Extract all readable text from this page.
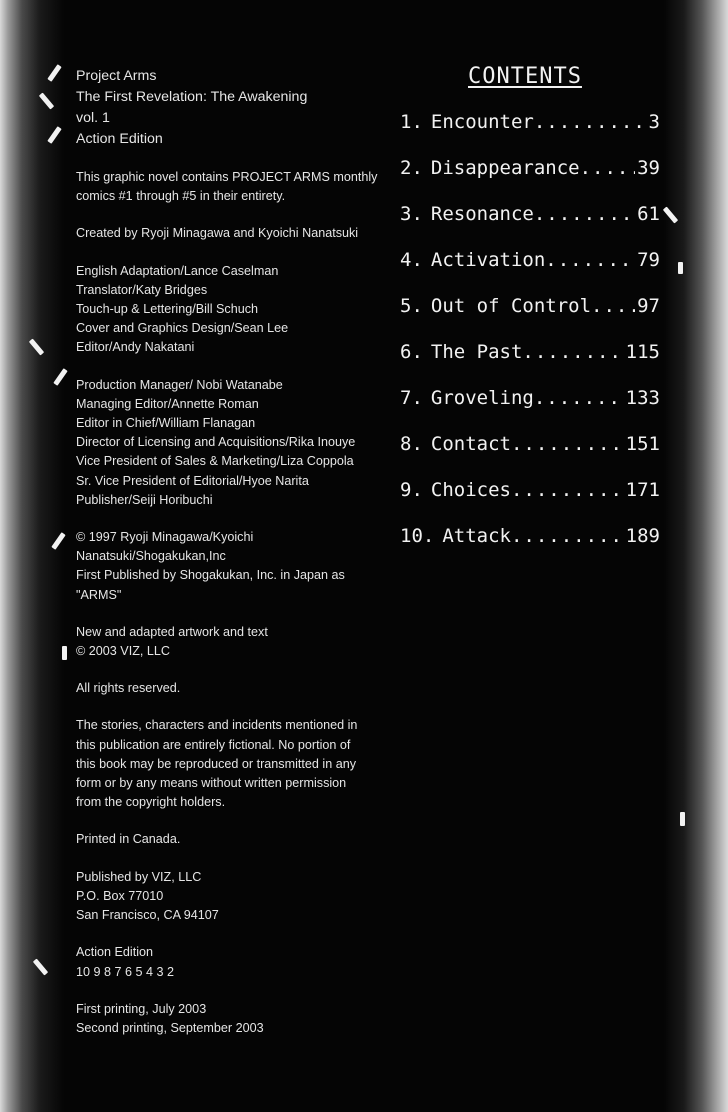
Project Arms
The First Revelation: The Awakening
vol. 1
Action Edition
This graphic novel contains PROJECT ARMS monthly
comics #1 through #5 in their entirety.
Created by Ryoji Minagawa and Kyoichi Nanatsuki
English Adaptation/Lance Caselman
Translator/Katy Bridges
Touch-up & Lettering/Bill Schuch
Cover and Graphics Design/Sean Lee
Editor/Andy Nakatani
Production Manager/ Nobi Watanabe
Managing Editor/Annette Roman
Editor in Chief/William Flanagan
Director of Licensing and Acquisitions/Rika Inouye
Vice President of Sales & Marketing/Liza Coppola
Sr. Vice President of Editorial/Hyoe Narita
Publisher/Seiji Horibuchi
© 1997 Ryoji Minagawa/Kyoichi
Nanatsuki/Shogakukan,Inc
First Published by Shogakukan, Inc. in Japan as
"ARMS"
New and adapted artwork and text
© 2003 VIZ, LLC
All rights reserved.
The stories, characters and incidents mentioned in
this publication are entirely fictional. No portion of
this book may be reproduced or transmitted in any
form or by any means without written permission
from the copyright holders.
Printed in Canada.
Published by VIZ, LLC
P.O. Box 77010
San Francisco, CA 94107
Action Edition
10 9 8 7 6 5 4 3 2
First printing, July 2003
Second printing, September 2003
CONTENTS
1. Encounter .....	3
2. Disappearance .....	39
3. Resonance .....	61
4. Activation .....	79
5. Out of Control ..... 97
6. The Past .....	115
7. Groveling .....	133
8. Contact .....	151
9. Choices .....	171
10. Attack .....	189
